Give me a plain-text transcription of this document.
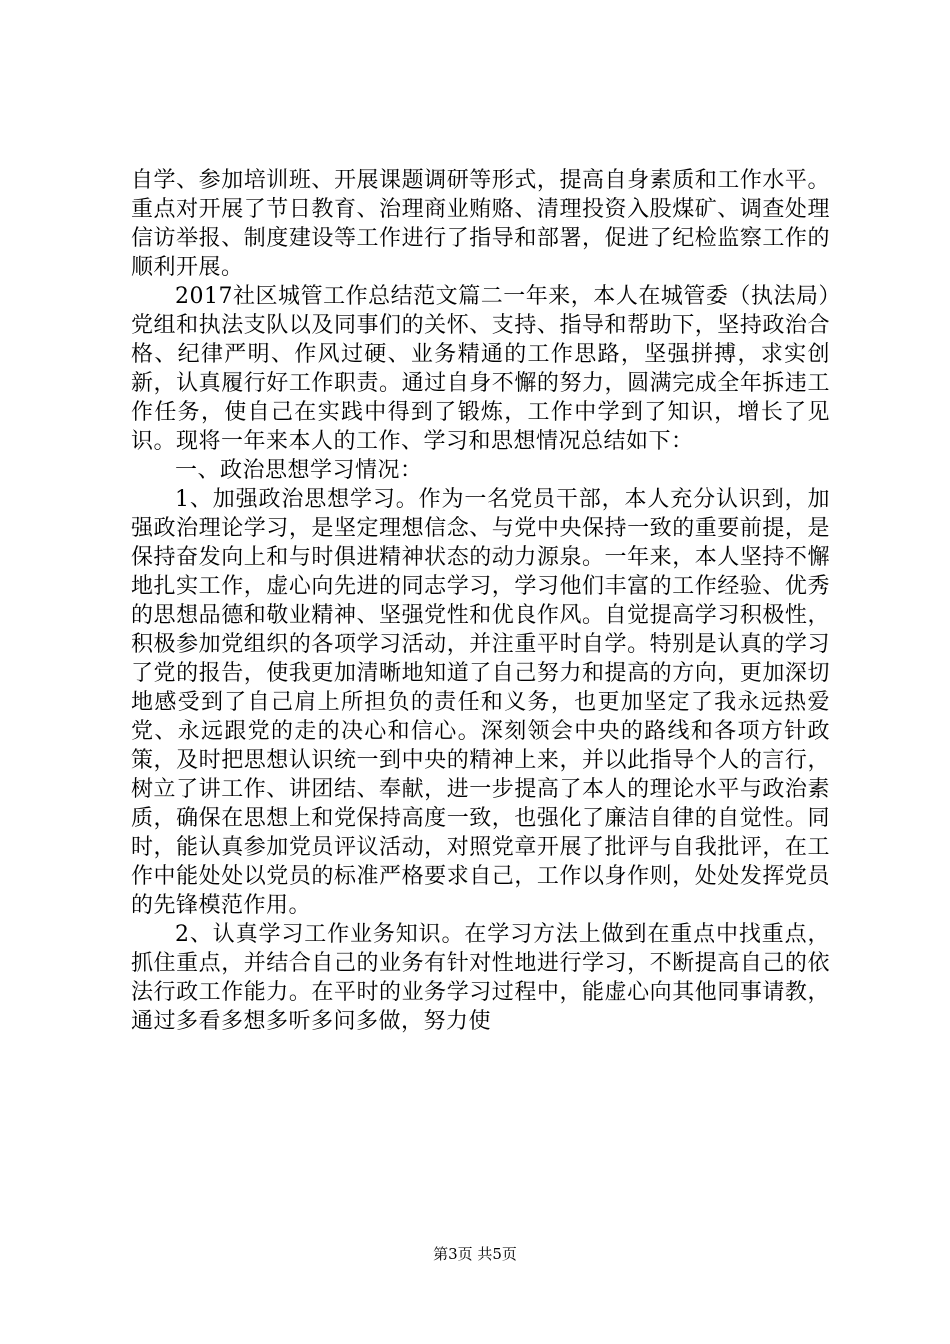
自学、参加培训班、开展课题调研等形式，提高自身素质和工作水平。重点对开展了节日教育、治理商业贿赂、清理投资入股煤矿、调查处理信访举报、制度建设等工作进行了指导和部署，促进了纪检监察工作的顺利开展。

2017社区城管工作总结范文篇二一年来，本人在城管委（执法局）党组和执法支队以及同事们的关怀、支持、指导和帮助下，坚持政治合格、纪律严明、作风过硬、业务精通的工作思路，坚强拼搏，求实创新，认真履行好工作职责。通过自身不懈的努力，圆满完成全年拆违工作任务，使自己在实践中得到了锻炼，工作中学到了知识，增长了见识。现将一年来本人的工作、学习和思想情况总结如下：

一、政治思想学习情况：

1、加强政治思想学习。作为一名党员干部，本人充分认识到，加强政治理论学习，是坚定理想信念、与党中央保持一致的重要前提，是保持奋发向上和与时俱进精神状态的动力源泉。一年来，本人坚持不懈地扎实工作，虚心向先进的同志学习，学习他们丰富的工作经验、优秀的思想品德和敬业精神、坚强党性和优良作风。自觉提高学习积极性，积极参加党组织的各项学习活动，并注重平时自学。特别是认真的学习了党的报告，使我更加清晰地知道了自己努力和提高的方向，更加深切地感受到了自己肩上所担负的责任和义务，也更加坚定了我永远热爱党、永远跟党的走的决心和信心。深刻领会中央的路线和各项方针政策，及时把思想认识统一到中央的精神上来，并以此指导个人的言行，树立了讲工作、讲团结、奉献，进一步提高了本人的理论水平与政治素质，确保在思想上和党保持高度一致，也强化了廉洁自律的自觉性。同时，能认真参加党员评议活动，对照党章开展了批评与自我批评，在工作中能处处以党员的标准严格要求自己，工作以身作则，处处发挥党员的先锋模范作用。

2、认真学习工作业务知识。在学习方法上做到在重点中找重点，抓住重点，并结合自己的业务有针对性地进行学习，不断提高自己的依法行政工作能力。在平时的业务学习过程中，能虚心向其他同事请教，通过多看多想多听多问多做，努力使

第3页 共5页
